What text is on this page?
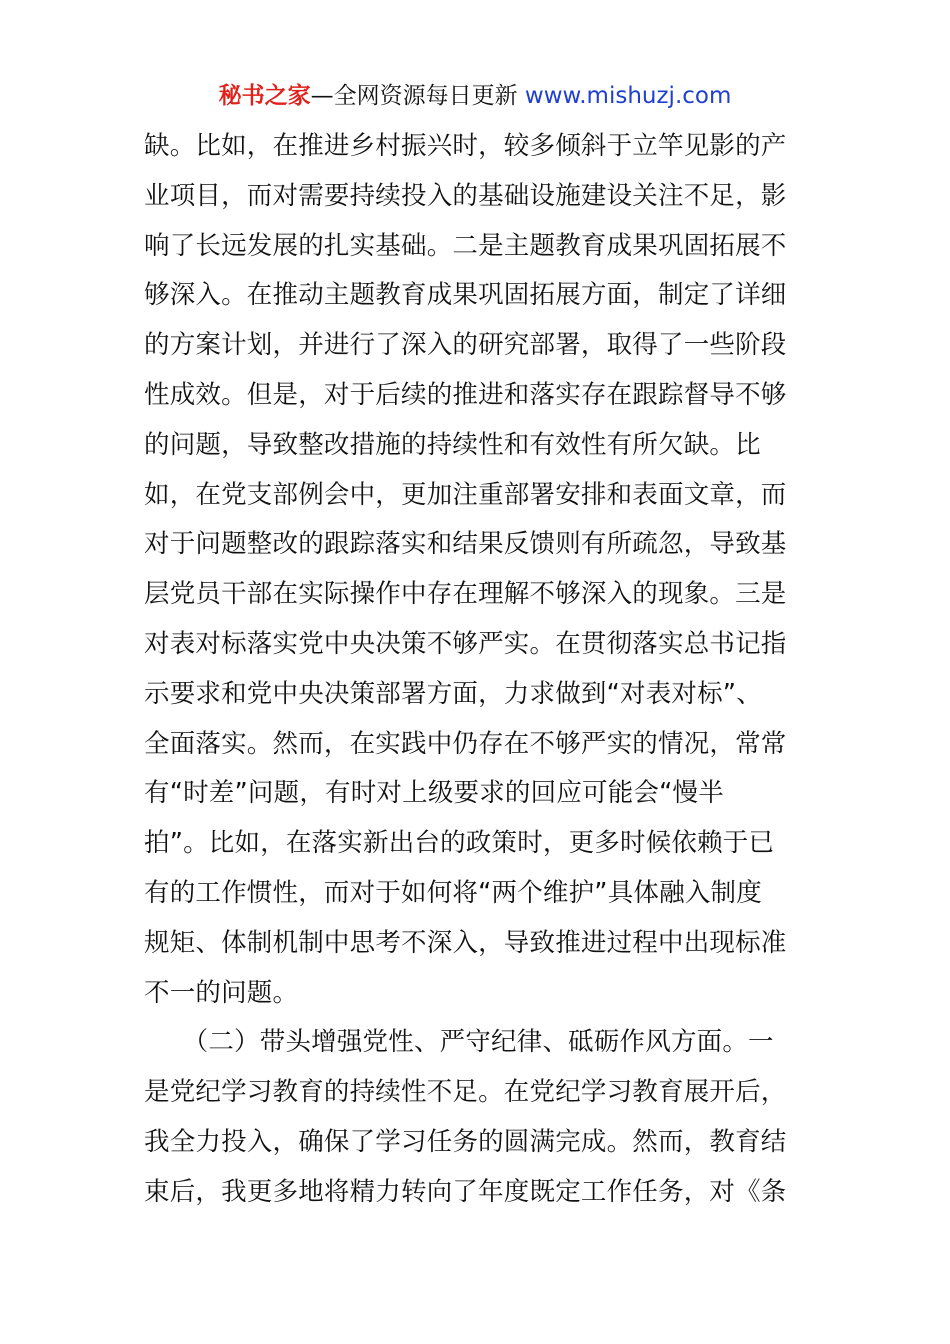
秘书之家—全网资源每日更新 www.mishuzj.com
缺。比如，在推进乡村振兴时，较多倾斜于立竿见影的产
业项目，而对需要持续投入的基础设施建设关注不足，影
响了长远发展的扎实基础。二是主题教育成果巩固拓展不
够深入。在推动主题教育成果巩固拓展方面，制定了详细
的方案计划，并进行了深入的研究部署，取得了一些阶段
性成效。但是，对于后续的推进和落实存在跟踪督导不够
的问题，导致整改措施的持续性和有效性有所欠缺。比
如，在党支部例会中，更加注重部署安排和表面文章，而
对于问题整改的跟踪落实和结果反馈则有所疏忽，导致基
层党员干部在实际操作中存在理解不够深入的现象。三是
对表对标落实党中央决策不够严实。在贯彻落实总书记指
示要求和党中央决策部署方面，力求做到“对表对标”、
全面落实。然而，在实践中仍存在不够严实的情况，常常
有“时差”问题，有时对上级要求的回应可能会“慢半
拍”。比如，在落实新出台的政策时，更多时候依赖于已
有的工作惯性，而对于如何将“两个维护”具体融入制度
规矩、体制机制中思考不深入，导致推进过程中出现标准
不一的问题。
　　（二）带头增强党性、严守纪律、砥砺作风方面。一
是党纪学习教育的持续性不足。在党纪学习教育展开后，
我全力投入，确保了学习任务的圆满完成。然而，教育结
束后，我更多地将精力转向了年度既定工作任务，对《条
